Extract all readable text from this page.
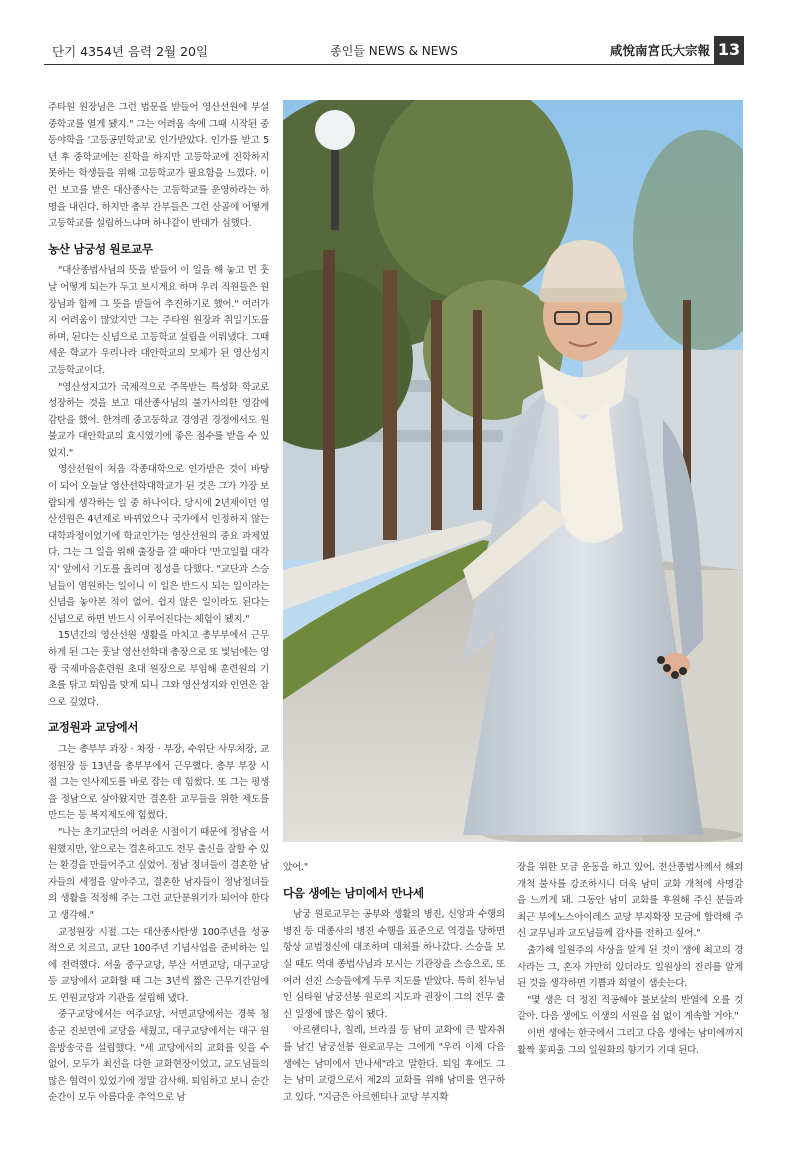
단기 4354년 음력 2월 20일	종인들 NEWS & NEWS	咸悅南宮氏大宗報 13

주타원 원장님은 그런 법문을 받들어 영산선원에 부설 중학교를 열게 됐지." 그는 어려움 속에 그때 시작된 중등야학을 '고등공민학교'로 인가받았다. 인가를 받고 5년 후 중학교에는 진학을 하지만 고등학교에 진학하지 못하는 학생들을 위해 고등학교가 필요함을 느꼈다. 이런 보고를 받은 대산종사는 고등학교를 운영하라는 하명을 내린다. 하지만 총부 간부들은 그런 산골에 어떻게 고등학교를 설립하느냐며 하나같이 반대가 심했다.

농산 남궁성 원로교무

"대산종법사님의 뜻을 받들어 이 일을 해 놓고 먼 훗날 어떻게 되는가 두고 보시게요 하며 우리 직원들은 원장님과 함께 그 뜻을 받들어 추진하기로 했어." 여러가지 어려움이 많았지만 그는 주타원 원장과 취일기도를 하며, 된다는 신념으로 고등학교 설립을 이뤄냈다. 그때 세운 학교가 우리나라 대안학교의 모체가 된 영산성지고등학교이다.

"영산성지고가 국제적으로 주목받는 특성화 학교로 성장하는 것을 보고 대산종사님의 불가사의한 영감에 감탄을 했어. 한겨레 중고등학교 경영권 경정에서도 원불교가 대안학교의 효시였기에 좋은 점수를 받을 수 있었지."

영산선원이 처음 각종대학으로 인가받은 것이 바탕이 되어 오늘날 영산선학대학교가 된 것은 그가 가장 보람되게 생각하는 일 중 하나이다. 당시에 2년제이던 영산선원은 4년제로 바뀌었으나 국가에서 인정하지 않는 대학과정이었기에 학교인가는 영산선원의 중요 과제였다. 그는 그 일을 위해 출장을 갈 때마다 '만고일월 대각지' 앞에서 기도를 올리며 정성을 다했다. "교단과 스승님들이 염원하는 일이니 이 일은 반드시 되는 일이라는 신념을 놓아본 적이 없어. 쉽지 않은 일이라도 된다는 신념으로 하면 반드시 이루어진다는 체험이 됐지."

15년간의 영산선원 생활을 마치고 총부부에서 근무하게 된 그는 훗날 영산선학대 총장으로 또 빛넘에는 영광 국제마음훈련원 초대 원장으로 부임해 훈련원의 기초를 닦고 퇴임을 맞게 되니 그와 영산성지와 인연은 참으로 깊었다.

교정원과 교당에서

그는 총부부 과장 · 차장 · 부장, 수위단 사무처장, 교정원장 등 13년을 총부부에서 근무했다. 총부 부장 시절 그는 인사제도를 바로 잡는 데 힘썼다. 또 그는 평생을 정남으로 살아왔지만 결혼한 교무들을 위한 제도를 만드는 등 복지제도에 힘썼다.

"나는 초기교단의 어려운 시절이기 때문에 정남을 서원했지만, 앞으로는 결혼하고도 전무 출신을 잘할 수 있는 환경을 만들어주고 싶었어. 정남 정녀들이 결혼한 남자들의 세정을 알아주고, 결혼한 남자들이 정남정녀들의 생활을 적정해 주는 그런 교단분위기가 되어야 한다고 생각해."

교정원장 시절 그는 대산종사탄생 100주년을 성공적으로 치르고, 교단 100주년 기념사업을 준비하는 일에 전력했다. 서울 중구교당, 부산 서면교당, 대구교당 등 교당에서 교화할 때 그는 3년씩 짧은 근무기간임에도 연원교당과 기관을 설립해 냈다.

중구교당에서는 여주교당, 서면교당에서는 경북 청송군 진보면에 교당을 세웠고, 대구교당에서는 대구 원음방송국을 설립했다. "세 교당에서의 교화를 잊을 수 없어. 모두가 최선을 다한 교화현장이었고, 교도님들의 많은 협력이 있었기에 정말 감사해. 퇴임하고 보니 순간순간이 모두 아름다운 추억으로 남

았어."

다음 생에는 남미에서 만나세

남궁 원로교무는 공부와 생활의 병진, 신앙과 수행의 병진 등 대종사의 병진 수행을 표준으로 역경을 당하면 항상 교법정신에 대조하며 대처를 하나갔다. 스승을 모실 때도 역대 종법사님과 모시는 기관장을 스승으로, 또 여러 선진 스승들에게 두루 지도를 받았다. 특히 친누님인 심타원 남궁선봉 원로의 지도과 권장이 그의 전무 출신 일생에 많은 힘이 됐다.

아르헨티나, 칠레, 브라질 등 남미 교화에 큰 발자취를 남긴 남궁선봉 원로교무는 그에게 "우리 이제 다음 생에는 남미에서 만나세"라고 말한다. 퇴임 후에도 그는 남미 교령으로서 제2의 교화를 위해 남미를 연구하고 있다. "지금은 아르헨티나 교당 부지확

장을 위한 모금 운동을 하고 있어. 전산종법사께서 해외 개척 불사를 강조하시니 더욱 남미 교화 개척에 사명감을 느끼게 돼. 그동안 남미 교화를 후원해 주신 분들과 최근 부에노스아이레스 교당 부지확장 모금에 합력해 주신 교무님과 교도님들께 감사를 전하고 싶어."

출가해 일원주의 사상을 알게 된 것이 생에 최고의 경사라는 그, 혼자 가만히 있더라도 일원상의 진리를 알게 된 것을 생각하면 기쁨과 희열이 샘솟는다.

"몇 생은 더 정진 적공해야 불보살의 반열에 오를 것 같아. 다음 생에도 이생의 서원을 쉼 없이 계속할 거야."

이번 생에는 한국에서 그리고 다음 생에는 남미에까지 활짝 꽃피울 그의 일원화의 향기가 기대 된다.
